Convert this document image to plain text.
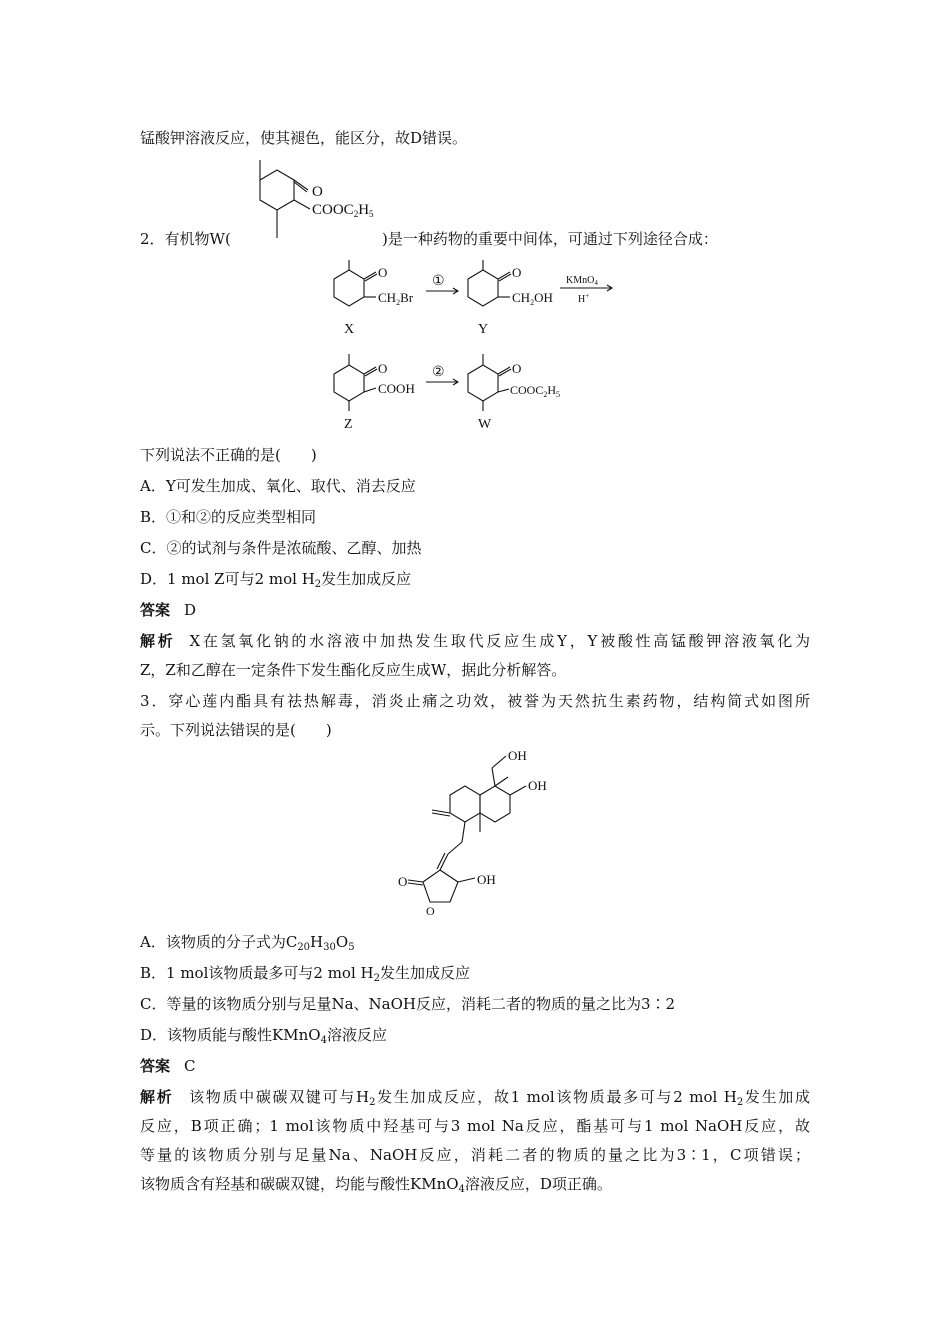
锰酸钾溶液反应，使其褪色，能区分，故D错误。
O
$COOC_2H_5$
2．有机物W(	)是一种药物的重要中间体，可通过下列途径合成：
O
$CH_2Br$
X
①
O
$CH_2OH$
Y
KMnO$_4$
H+
O
COOH
Z
②	O
$COOC_2H_5$
W
下列说法不正确的是(　　)
A．Y可发生加成、氧化、取代、消去反应
B．①和②的反应类型相同
C．②的试剂与条件是浓硫酸、乙醇、加热
D．1 mol Z可与2 mol $H_2$发生加成反应
答案 D
解析 X在氢氧化钠的水溶液中加热发生取代反应生成Y，Y被酸性高锰酸钾溶液氧化为
Z，Z和乙醇在一定条件下发生酯化反应生成W，据此分析解答。
3．穿心莲内酯具有祛热解毒，消炎止痛之功效，被誉为天然抗生素药物，结构简式如图所
示。下列说法错误的是(　　)
OH
OH
O
O
OH
A．该物质的分子式为$C_{20}H_{30}O_5$
B．1 mol该物质最多可与2 mol $H_2$发生加成反应
C．等量的该物质分别与足量Na、NaOH反应，消耗二者的物质的量之比为3∶2
D．该物质能与酸性KMnO$_4$溶液反应
答案 C
解析 该物质中碳碳双键可与$H_2$发生加成反应，故1 mol该物质最多可与2 mol $H_2$发生加成
反应，B项正确；1 mol该物质中羟基可与3 mol Na反应，酯基可与1 mol NaOH反应，故
等量的该物质分别与足量Na、NaOH反应，消耗二者的物质的量之比为3∶1，C项错误；
该物质含有羟基和碳碳双键，均能与酸性KMnO$_4$溶液反应，D项正确。
